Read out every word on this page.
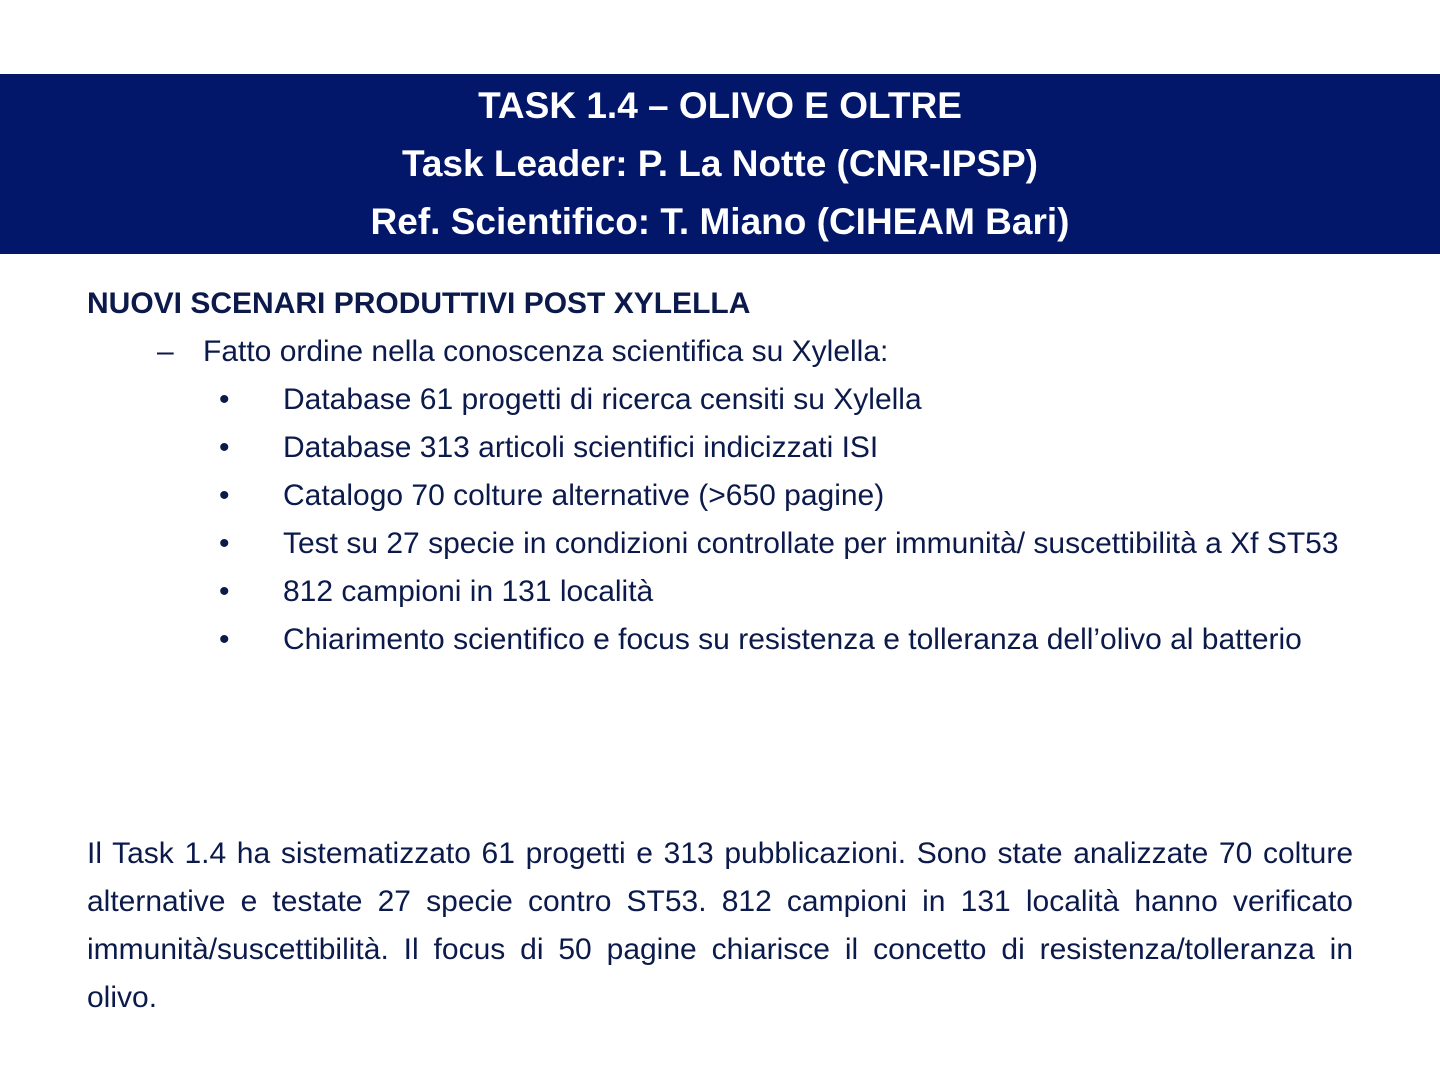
TASK 1.4 – OLIVO E OLTRE
Task Leader: P. La Notte (CNR-IPSP)
Ref. Scientifico: T. Miano (CIHEAM Bari)
NUOVI SCENARI PRODUTTIVI POST XYLELLA
– Fatto ordine nella conoscenza scientifica su Xylella:
• Database 61 progetti di ricerca censiti su Xylella
• Database 313 articoli scientifici indicizzati ISI
• Catalogo 70 colture alternative (>650 pagine)
• Test su 27 specie in condizioni controllate per immunità/ suscettibilità a Xf ST53
• 812 campioni in 131 località
• Chiarimento scientifico e focus su resistenza e tolleranza dell’olivo al batterio
Il Task 1.4 ha sistematizzato 61 progetti e 313 pubblicazioni. Sono state analizzate 70 colture alternative e testate 27 specie contro ST53. 812 campioni in 131 località hanno verificato immunità/suscettibilità. Il focus di 50 pagine chiarisce il concetto di resistenza/tolleranza in olivo.
